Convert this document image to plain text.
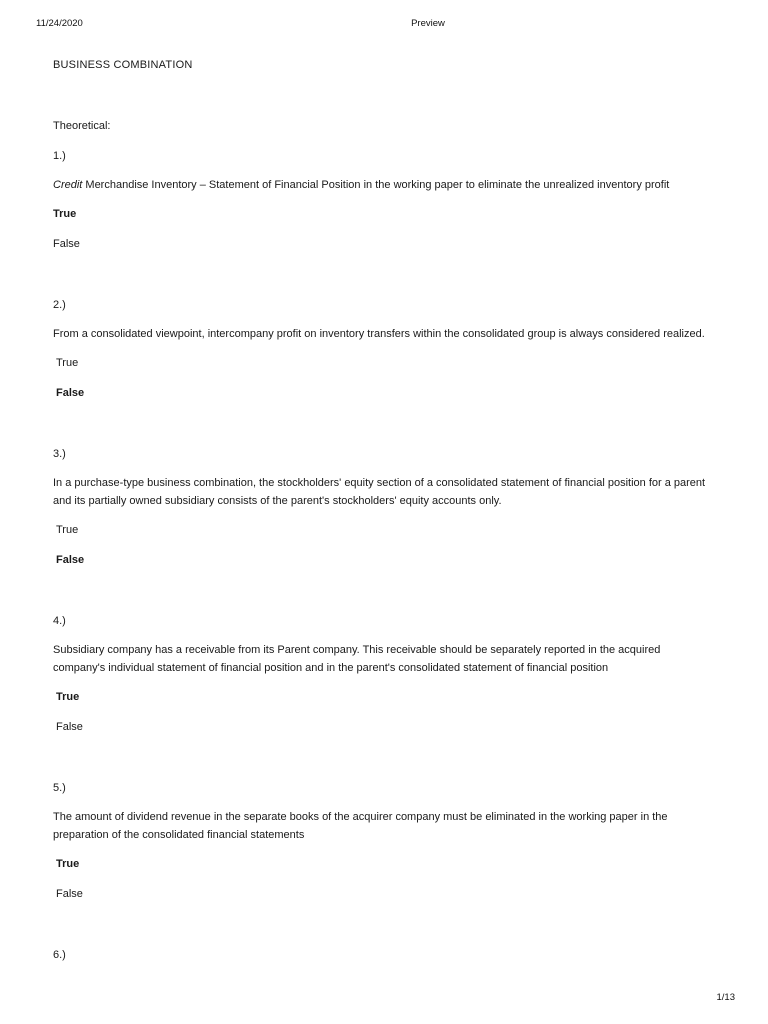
11/24/2020	Preview
BUSINESS COMBINATION
Theoretical:
1.)
Credit Merchandise Inventory – Statement of Financial Position in the working paper to eliminate the unrealized inventory profit
True
False
2.)
From a consolidated viewpoint, intercompany profit on inventory transfers within the consolidated group is always considered realized.
True
False
3.)
In a purchase-type business combination, the stockholders' equity section of a consolidated statement of financial position for a parent and its partially owned subsidiary consists of the parent's stockholders' equity accounts only.
True
False
4.)
Subsidiary company has a receivable from its Parent company. This receivable should be separately reported in the acquired company's individual statement of financial position and in the parent's consolidated statement of financial position
True
False
5.)
The amount of dividend revenue in the separate books of the acquirer company must be eliminated in the working paper in the preparation of the consolidated financial statements
True
False
6.)
1/13
